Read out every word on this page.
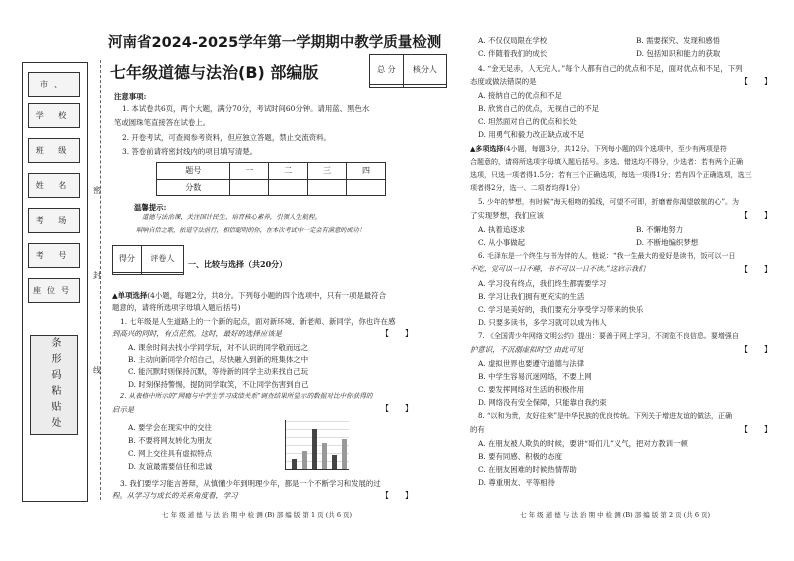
市、
学 校
班 级
姓 名
考 场
考 号
座位号
条形码粘贴处
密
封
线
河南省2024-2025学年第一学期期中教学质量检测
七年级道德与法治(B) 部编版	总 分	核分人

注意事项:
1. 本试卷共6页，两个大题，满分70分，考试时间60分钟。请用蓝、黑色水
笔或圆珠笔直接答在试卷上。
2. 开卷考试，可查阅参考资料，但应独立答题，禁止交流资料。
3. 答卷前请将密封线内的项目填写清楚。
题号	一	二	三	四
分数				
温馨提示:
道德与法治课，关注国计民生，培育核心素养，引领人生航程。
唱响自信之歌，依道守法前行，相信聪明的你，在本次考试中一定会有满意的成功！
得分	评卷人

一、比较与选择（共20分）
▲单项选择(4小题，每题2分，共8分。下列每小题的四个选项中，只有一项是最符合
题意的，请将所选项字母填入题后括号)
1. 七年级是人生道路上的一个新的起点，面对新环境、新老师、新同学，你也许在感
到高兴的同时，有点茫然。这时，最好的选择应该是	【　　】
A. 课余时间去找小学同学玩，对不认识的同学敬而远之
B. 主动向新同学介绍自己，尽快融入到新的班集体之中
C. 能沉默时则保持沉默，等待新的同学主动来找自己玩
D. 时刻保持警惕，提防同学取笑，不让同学伤害到自己
2. 从表格中所示的“网瘾与中学生学习成绩关系”调查结果所显示的数据对比中你获得的
启示是	【　　】
A. 要学会在现实中的交往
B. 不要将网友转化为朋友
C. 网上交往具有虚拟特点
D. 友谊最需要信任和忠诚
3. 我们要学习能言善辩，从慎懂少年到明理少年，都是一个不断学习和发展的过
程。从学习与成长的关系角度看，学习	【　　】
七 年 级 道 德 与 法 治 期 中 检 测 (B) 部 编 版 第 1 页 (共 6 页)
A. 不仅仅局限在学校	B. 需要探究、发现和感悟
C. 伴随着我们的成长	D. 包括知识和能力的获取
4. “金无足赤，人无完人。”每个人都有自己的优点和不足，面对优点和不足，下列
态度或做法错误的是	【　　】
A. 接纳自己的优点和不足
B. 欣赏自己的优点，无视自己的不足
C. 坦然面对自己的优点和长处
D. 用勇气和毅力改正缺点或不足
▲多项选择(4小题，每题3分，共12分。下列每小题的四个选项中，至少有两项是符
合题意的，请将所选项字母填入题后括号。多选、错选均不得分，少选者：若有两个正确
选项，只选一项者得1.5分；若有三个正确选项，每选一项得1分；若有四个正确选项，选三
项者得2分，选一、二项者均得1分）
5. 少年的梦想，有时候“海天相吻的弧线，可望不可即，折磨着你渴望啟航的心”。为
了实现梦想，我们应该	【　　】
A. 执着追逐求	B. 不懈地努力
C. 从小事做起	D. 不断地编织梦想
6. 毛泽东是一个终生与书为伴的人，他说：“我一生最大的爱好是读书，饭可以一日
不吃，觉可以一日不睡，书不可以一日不读。”这启示我们	【　　】
A. 学习没有终点，我们终生都需要学习
B. 学习让我们拥有更充实的生活
C. 学习是美好的，我们要充分享受学习带来的快乐
D. 只要多读书，多学习就可以成为伟人
7. 《全国青少年网络文明公约》提出：要善于网上学习，不浏览不良信息。要增强自
护意识，不沉溺虚拟时空 由此可见	【　　】
A. 虚拟世界也要遵守道德与法律
B. 中学生容易沉迷网络，不要上网
C. 要发挥网络对生活的积极作用
D. 网络没有安全保障，只能靠自我约束
8. “以和为贵，友好往来”是中华民族的优良传统。下列关于增进友谊的做法，正确
的有	【　　】
A. 在朋友被人欺负的时候，要讲“哥们儿”义气，把对方教训一顿
B. 要有同感、积极的态度
C. 在朋友困难的时候热情帮助
D. 尊重朋友、平等相待
七 年 级 道 德 与 法 治 期 中 检 测 (B) 部 编 版 第 2 页 (共 6 页)
